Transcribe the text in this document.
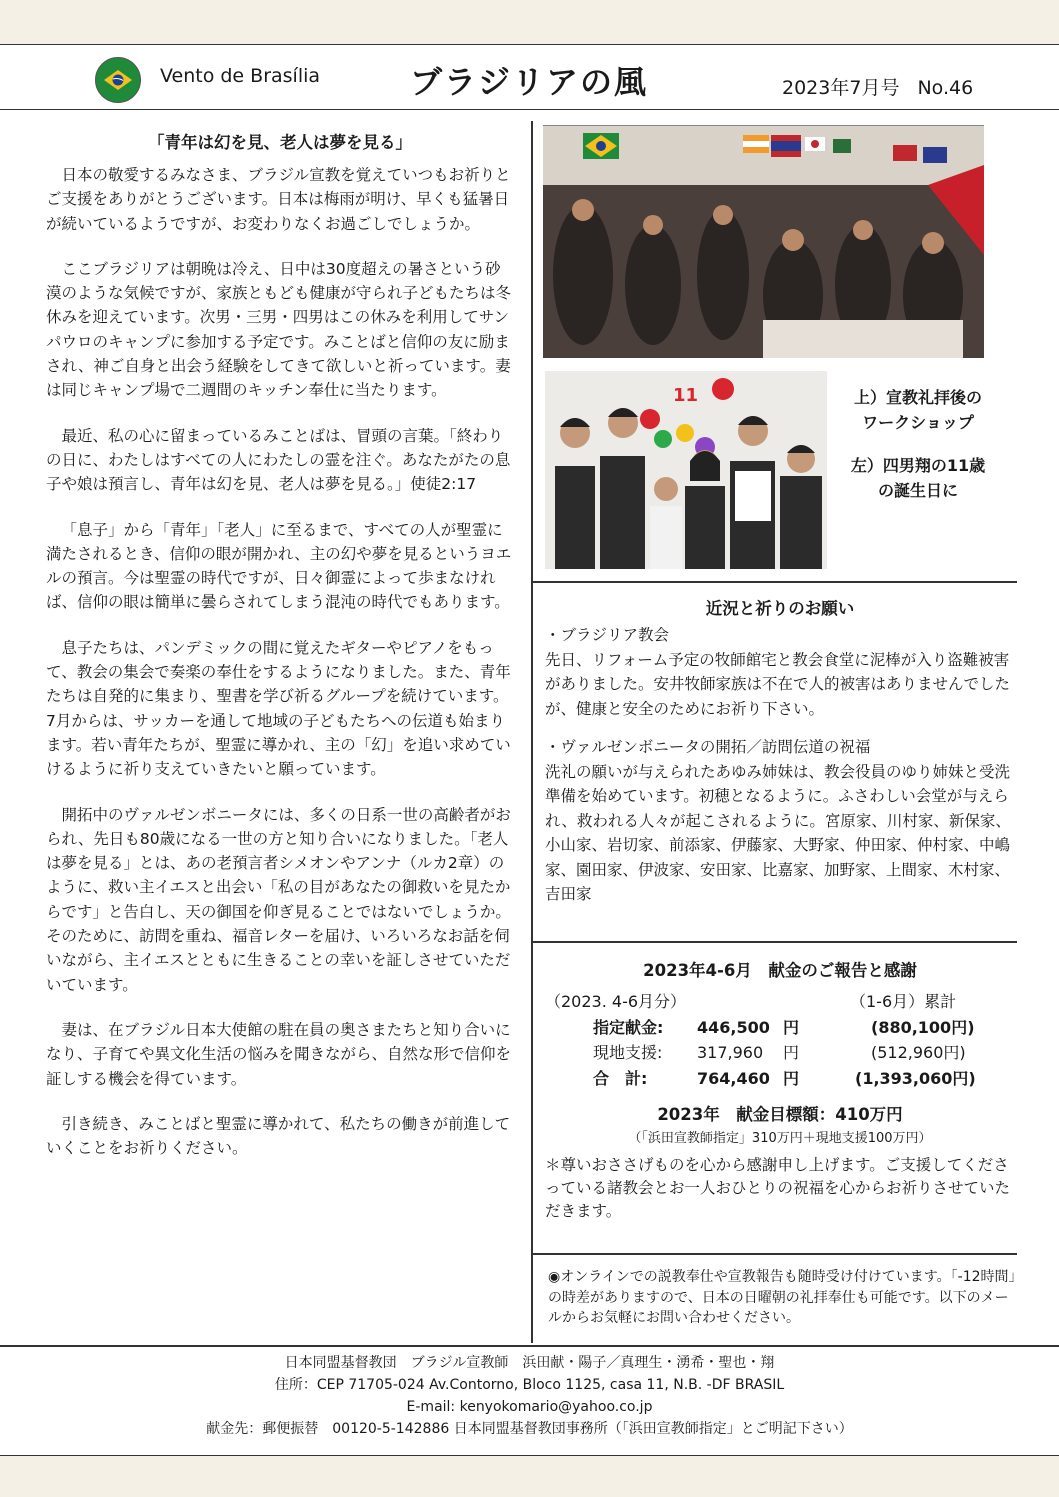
Vento de Brasília	ブラジリアの風	2023年7月号 No.46
「青年は幻を見、老人は夢を見る」

日本の敬愛するみなさま、ブラジル宣教を覚えていつもお祈りとご支援をありがとうございます。日本は梅雨が明け、早くも猛暑日が続いているようですが、お変わりなくお過ごしでしょうか。

ここブラジリアは朝晩は冷え、日中は30度超えの暑さという砂漠のような気候ですが、家族ともども健康が守られ子どもたちは冬休みを迎えています。次男・三男・四男はこの休みを利用してサンパウロのキャンプに参加する予定です。みことばと信仰の友に励まされ、神ご自身と出会う経験をしてきて欲しいと祈っています。妻は同じキャンプ場で二週間のキッチン奉仕に当たります。

最近、私の心に留まっているみことばは、冒頭の言葉。「終わりの日に、わたしはすべての人にわたしの霊を注ぐ。あなたがたの息子や娘は預言し、青年は幻を見、老人は夢を見る。」使徒2:17

「息子」から「青年」「老人」に至るまで、すべての人が聖霊に満たされるとき、信仰の眼が開かれ、主の幻や夢を見るというヨエルの預言。今は聖霊の時代ですが、日々御霊によって歩まなければ、信仰の眼は簡単に曇らされてしまう混沌の時代でもあります。

息子たちは、パンデミックの間に覚えたギターやピアノをもって、教会の集会で奏楽の奉仕をするようになりました。また、青年たちは自発的に集まり、聖書を学び祈るグループを続けています。7月からは、サッカーを通して地域の子どもたちへの伝道も始まります。若い青年たちが、聖霊に導かれ、主の「幻」を追い求めていけるように祈り支えていきたいと願っています。

開拓中のヴァルゼンボニータには、多くの日系一世の高齢者がおられ、先日も80歳になる一世の方と知り合いになりました。「老人は夢を見る」とは、あの老預言者シメオンやアンナ（ルカ2章）のように、救い主イエスと出会い「私の目があなたの御救いを見たからです」と告白し、天の御国を仰ぎ見ることではないでしょうか。そのために、訪問を重ね、福音レターを届け、いろいろなお話を伺いながら、主イエスとともに生きることの幸いを証しさせていただいています。

妻は、在ブラジル日本大使館の駐在員の奥さまたちと知り合いになり、子育てや異文化生活の悩みを聞きながら、自然な形で信仰を証しする機会を得ています。

引き続き、みことばと聖霊に導かれて、私たちの働きが前進していくことをお祈りください。

11	上）宣教礼拝後の
ワークショップ

左）四男翔の11歳
の誕生日に

近況と祈りのお願い

・ブラジリア教会

先日、リフォーム予定の牧師館宅と教会食堂に泥棒が入り盗難被害がありました。安井牧師家族は不在で人的被害はありませんでしたが、健康と安全のためにお祈り下さい。

・ヴァルゼンボニータの開拓／訪問伝道の祝福

洗礼の願いが与えられたあゆみ姉妹は、教会役員のゆり姉妹と受洗準備を始めています。初穂となるように。ふさわしい会堂が与えられ、救われる人々が起こされるように。宮原家、川村家、新保家、小山家、岩切家、前添家、伊藤家、大野家、仲田家、仲村家、中嶋家、園田家、伊波家、安田家、比嘉家、加野家、上間家、木村家、吉田家

2023年4-6月　献金のご報告と感謝
（2023. 4-6月分）	（1-6月）累計
指定献金: 446,500 円	(880,100円)
現地支援: 317,960 円	(512,960円)
合　計:	764,460 円	(1,393,060円)
2023年　献金目標額：410万円
（「浜田宣教師指定」310万円＋現地支援100万円）
＊尊いおささげものを心から感謝申し上げます。ご支援してくださっている諸教会とお一人おひとりの祝福を心からお祈りさせていただきます。
◉オンラインでの説教奉仕や宣教報告も随時受け付けています。「-12時間」の時差がありますので、日本の日曜朝の礼拝奉仕も可能です。以下のメールからお気軽にお問い合わせください。
日本同盟基督教団　ブラジル宣教師　浜田献・陽子／真理生・湧希・聖也・翔
住所：CEP 71705-024 Av.Contorno, Bloco 1125, casa 11, N.B. -DF BRASIL
E-mail: kenyokomario@yahoo.co.jp
献金先：郵便振替　00120-5-142886 日本同盟基督教団事務所（「浜田宣教師指定」とご明記下さい）
